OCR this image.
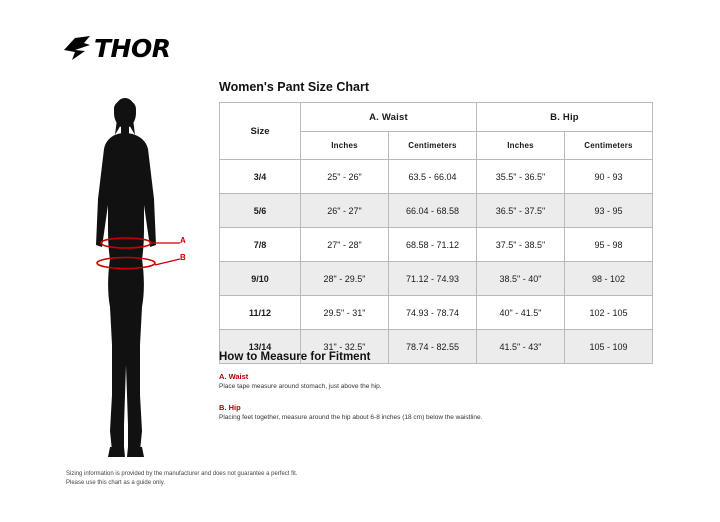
THOR
A
B
Women's Pant Size Chart
Size	A. Waist		B. Hip	
	Inches	Centimeters	Inches	Centimeters
3/4	25" - 26"	63.5 - 66.04	35.5" - 36.5"	90 - 93
5/6	26" - 27"	66.04 - 68.58	36.5" - 37.5"	93 - 95
7/8	27" - 28"	68.58 - 71.12	37.5" - 38.5"	95 - 98
9/10	28" - 29.5"	71.12 - 74.93	38.5" - 40"	98 - 102
11/12	29.5" - 31"	74.93 - 78.74	40" - 41.5"	102 - 105
13/14	31" - 32.5"	78.74 - 82.55	41.5" - 43"	105 - 109
How to Measure for Fitment
A. Waist
Place tape measure around stomach, just above the hip.
B. Hip
Placing feet together, measure around the hip about 6-8 inches (18 cm) below the waistline.
Sizing information is provided by the manufacturer and does not guarantee a perfect fit.
Please use this chart as a guide only.
